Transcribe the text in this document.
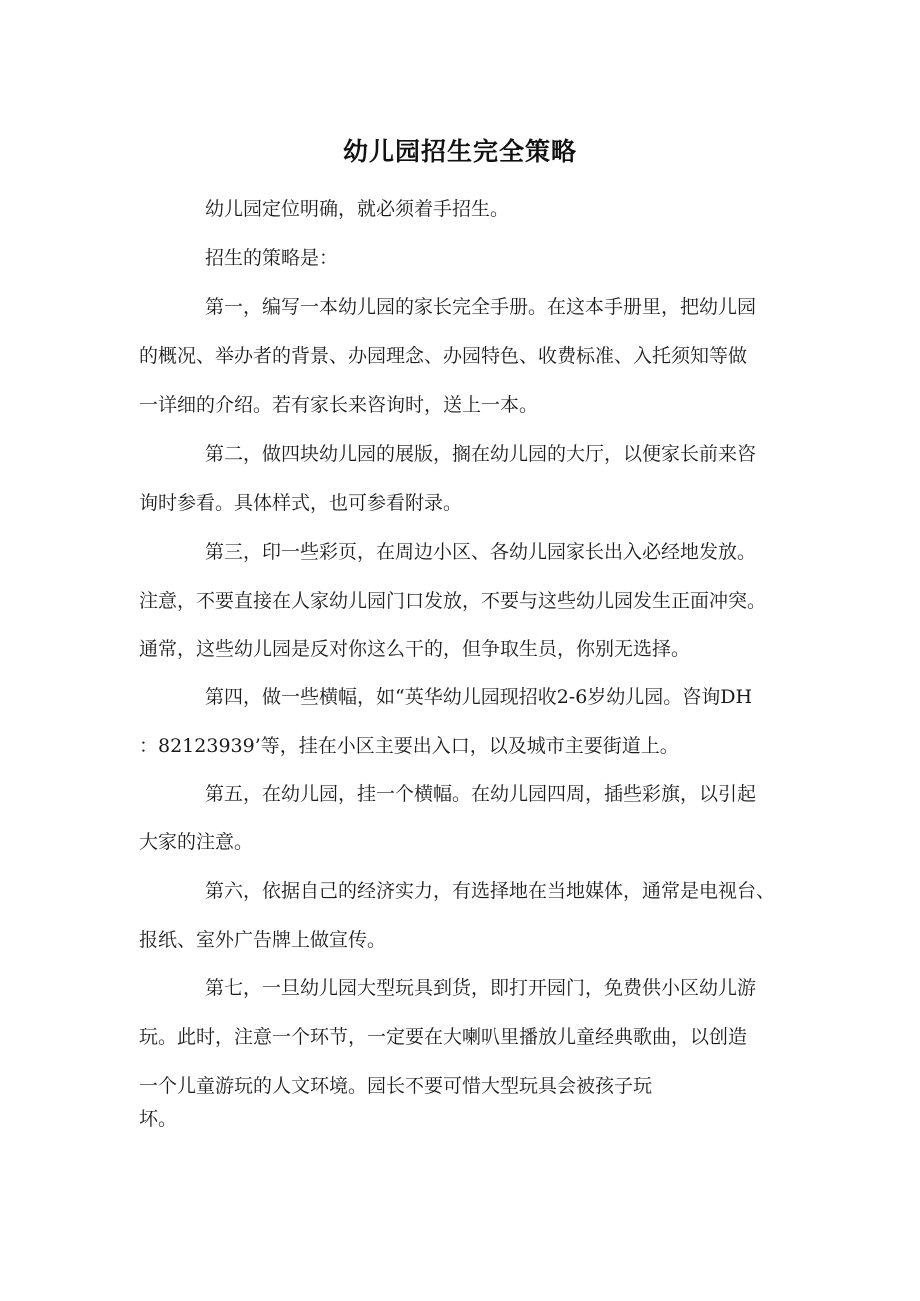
幼儿园招生完全策略
幼儿园定位明确，就必须着手招生。
招生的策略是：
第一，编写一本幼儿园的家长完全手册。在这本手册里，把幼儿园
的概况、举办者的背景、办园理念、办园特色、收费标准、入托须知等做
一详细的介绍。若有家长来咨询时，送上一本。
第二，做四块幼儿园的展版，搁在幼儿园的大厅，以便家长前来咨
询时参看。具体样式，也可参看附录。
第三，印一些彩页，在周边小区、各幼儿园家长出入必经地发放。
注意，不要直接在人家幼儿园门口发放，不要与这些幼儿园发生正面冲突。
通常，这些幼儿园是反对你这么干的，但争取生员，你别无选择。
第四，做一些横幅，如“英华幼儿园现招收2-6岁幼儿园。咨询DH
：82123939’等，挂在小区主要出入口，以及城市主要街道上。
第五，在幼儿园，挂一个横幅。在幼儿园四周，插些彩旗，以引起
大家的注意。
第六，依据自己的经济实力，有选择地在当地媒体，通常是电视台、
报纸、室外广告牌上做宣传。
第七，一旦幼儿园大型玩具到货，即打开园门，免费供小区幼儿游
玩。此时，注意一个环节，一定要在大喇叭里播放儿童经典歌曲，以创造
一个儿童游玩的人文环境。园长不要可惜大型玩具会被孩子玩
坏。
